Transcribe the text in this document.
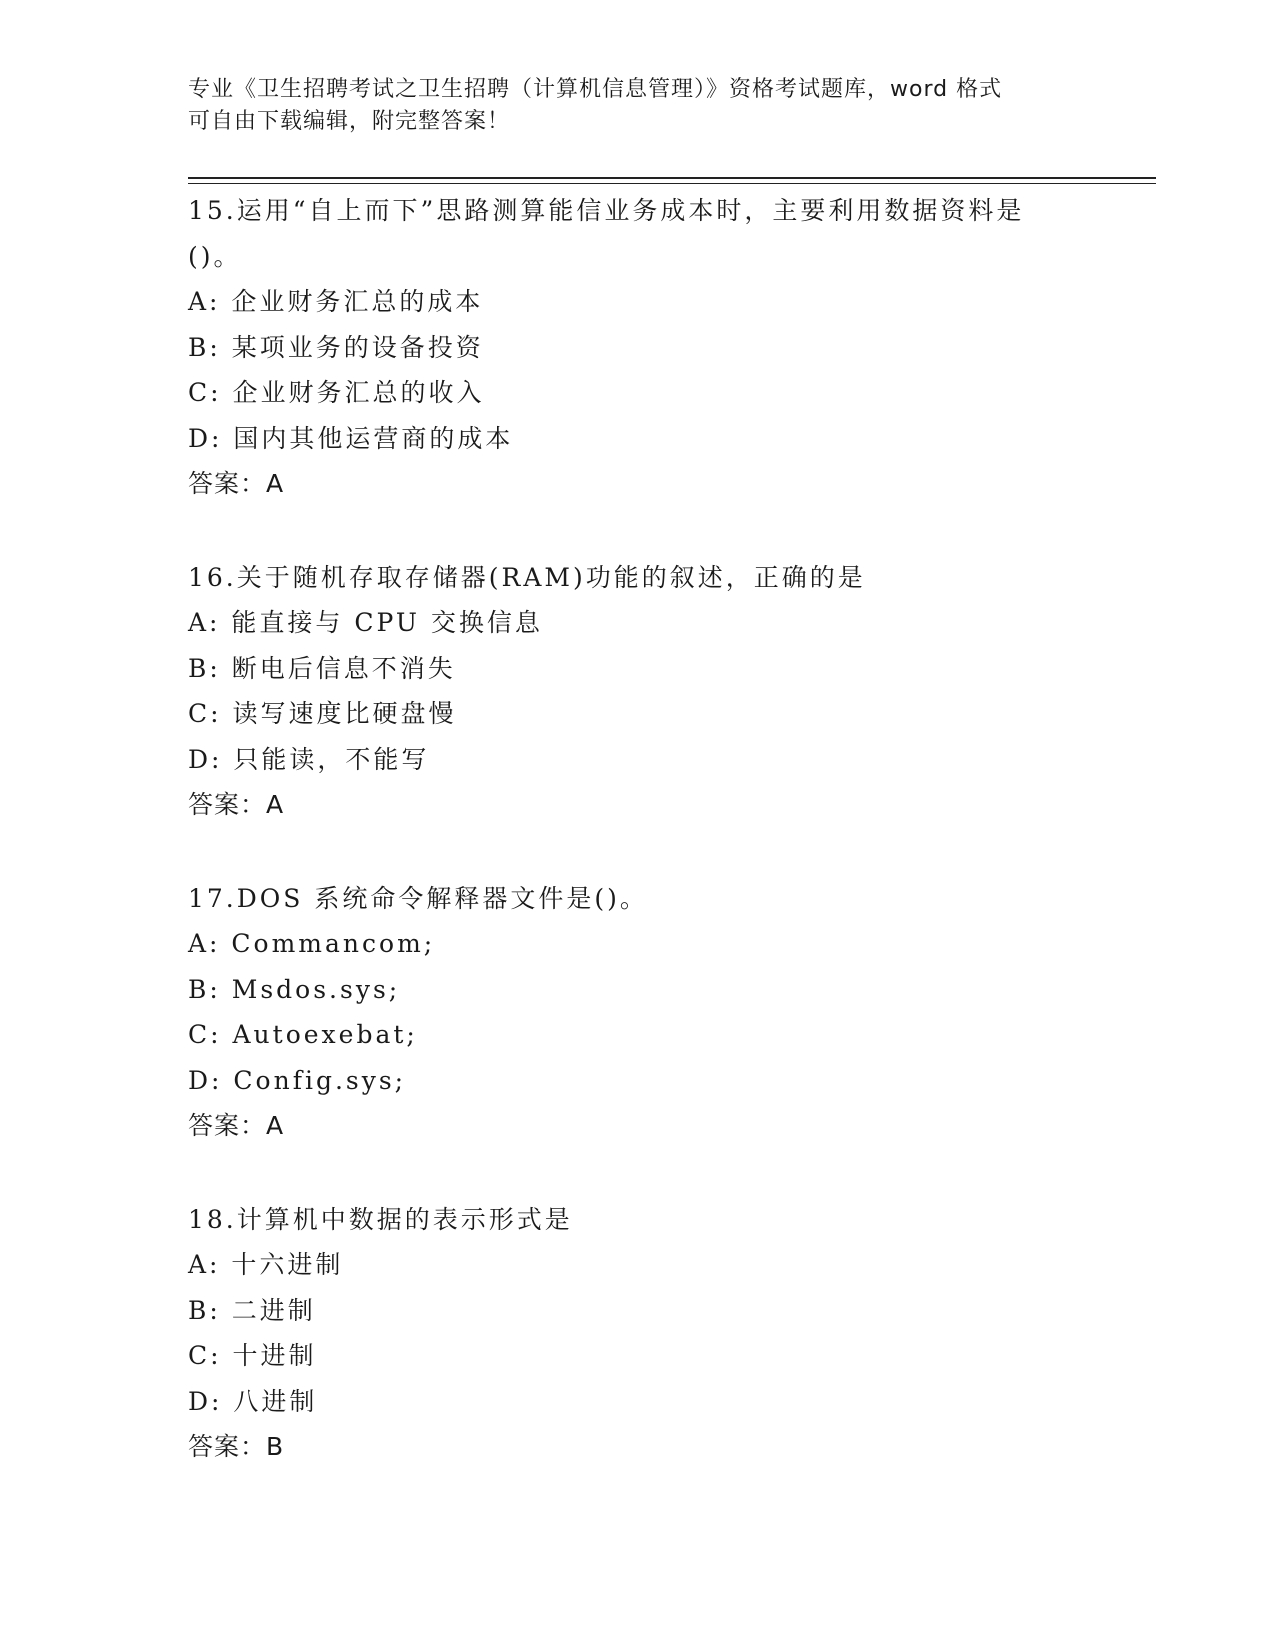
专业《卫生招聘考试之卫生招聘（计算机信息管理）》资格考试题库，word 格式
可自由下载编辑，附完整答案！
15.运用“自上而下”思路测算能信业务成本时，主要利用数据资料是
()。
A: 企业财务汇总的成本
B: 某项业务的设备投资
C: 企业财务汇总的收入
D: 国内其他运营商的成本
答案：A
16.关于随机存取存储器(RAM)功能的叙述，正确的是
A: 能直接与 CPU 交换信息
B: 断电后信息不消失
C: 读写速度比硬盘慢
D: 只能读，不能写
答案：A
17.DOS 系统命令解释器文件是()。
A: Commancom;
B: Msdos.sys;
C: Autoexebat;
D: Config.sys;
答案：A
18.计算机中数据的表示形式是
A: 十六进制
B: 二进制
C: 十进制
D: 八进制
答案：B
